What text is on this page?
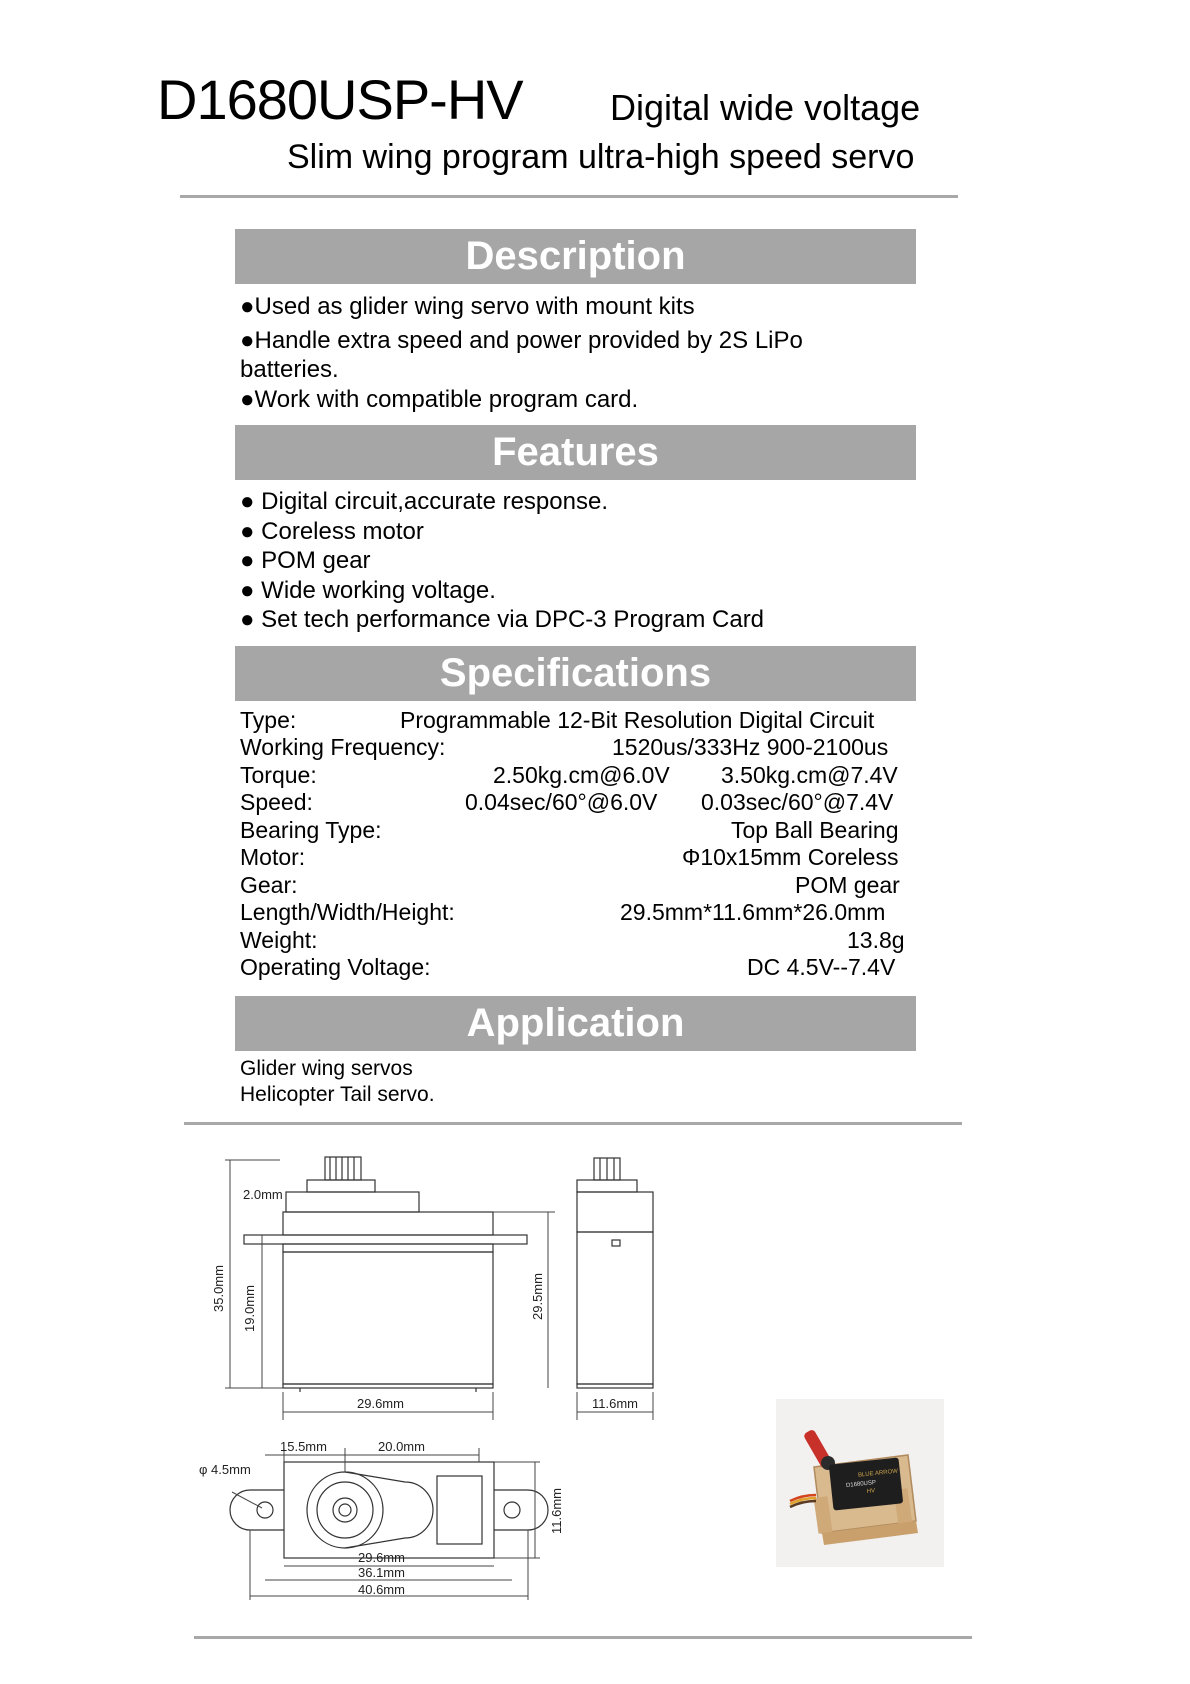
D1680USP-HV Digital wide voltage
Slim wing program ultra-high speed servo
Description
●Used as glider wing servo with mount kits
●Handle extra speed and power provided by 2S LiPo
batteries.
●Work with compatible program card.
Features
● Digital circuit,accurate response.
● Coreless motor
● POM gear
● Wide working voltage.
● Set tech performance via DPC-3 Program Card
Specifications
Type:	Programmable 12-Bit Resolution Digital Circuit
Working Frequency:	1520us/333Hz 900-2100us
Torque:	2.50kg.cm@6.0V 3.50kg.cm@7.4V
Speed:	0.04sec/60°@6.0V 0.03sec/60°@7.4V
Bearing Type:	Top Ball Bearing
Motor:	Φ10x15mm Coreless
Gear:	POM gear
Length/Width/Height:	29.5mm*11.6mm*26.0mm
Weight:	13.8g
Operating Voltage:	DC 4.5V--7.4V
Application
Glider wing servos
Helicopter Tail servo.
2.0mm
35.0mm 19.0mm	29.5mm
29.6mm	11.6mm
15.5mm	20.0mm
φ 4.5mm
11.6mm
29.6mm
36.1mm
40.6mm
BLUE ARROW
D1680USP
HV
